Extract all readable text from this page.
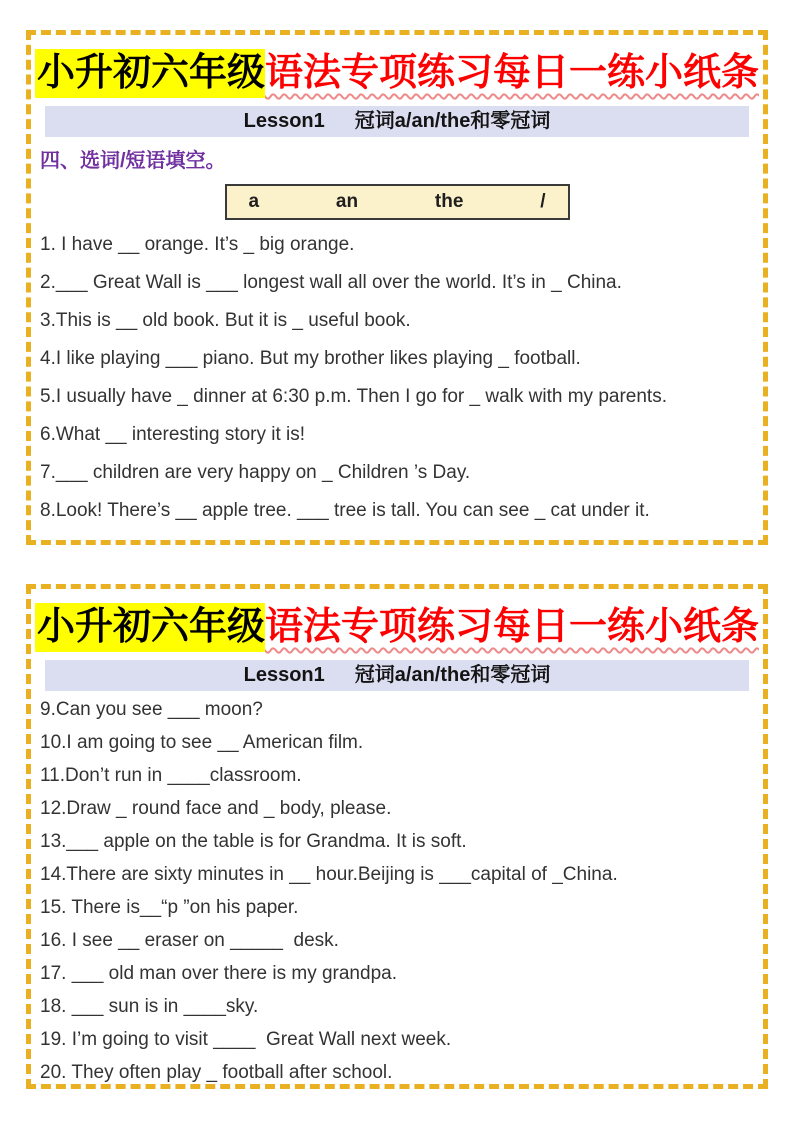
小升初六年级语法专项练习每日一练小纸条
Lesson1 冠词a/an/the和零冠词
四、选词/短语填空。
a	an	the	/

1. I have __ orange. It’s _ big orange.

2.___ Great Wall is ___ longest wall all over the world. It’s in _ China.

3.This is __ old book. But it is _ useful book.

4.I like playing ___ piano. But my brother likes playing _ football.

5.I usually have _ dinner at 6:30 p.m. Then I go for _ walk with my parents.

6.What __ interesting story it is!

7.___ children are very happy on _ Children ’s Day.

8.Look! There’s __ apple tree. ___ tree is tall. You can see _ cat under it.

小升初六年级语法专项练习每日一练小纸条
Lesson1 冠词a/an/the和零冠词

9.Can you see ___ moon?

10.I am going to see __ American film.

11.Don’t run in ____classroom.

12.Draw _ round face and _ body, please.

13.___ apple on the table is for Grandma. It is soft.

14.There are sixty minutes in __ hour.Beijing is ___capital of _China.

15. There is__“p ”on his paper.

16. I see __ eraser on _____  desk.

17. ___ old man over there is my grandpa.

18. ___ sun is in ____sky.

19. I’m going to visit ____  Great Wall next week.

20. They often play _ football after school.
